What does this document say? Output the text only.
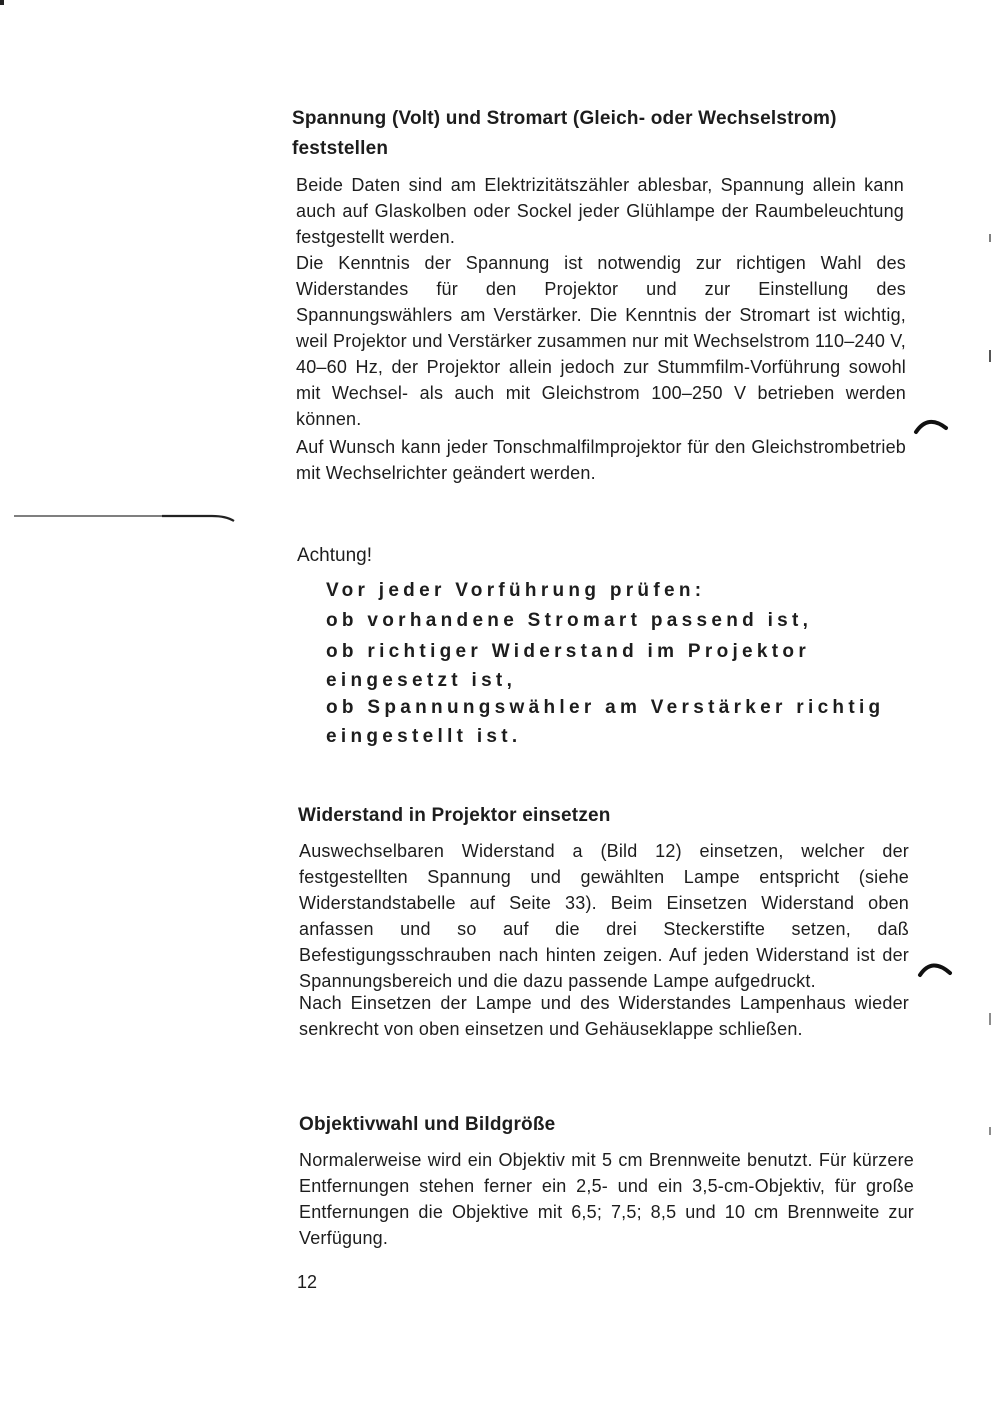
Spannung (Volt) und Stromart (Gleich- oder Wechselstrom) feststellen

Beide Daten sind am Elektrizitätszähler ablesbar, Spannung allein kann auch auf Glaskolben oder Sockel jeder Glühlampe der Raumbeleuchtung festgestellt werden.

Die Kenntnis der Spannung ist notwendig zur richtigen Wahl des Widerstandes für den Projektor und zur Einstellung des Spannungswählers am Verstärker. Die Kenntnis der Stromart ist wichtig, weil Projektor und Verstärker zusammen nur mit Wechselstrom 110–240 V, 40–60 Hz, der Projektor allein jedoch zur Stummfilm-Vorführung sowohl mit Wechsel- als auch mit Gleichstrom 100–250 V betrieben werden können.

Auf Wunsch kann jeder Tonschmalfilmprojektor für den Gleichstrombetrieb mit Wechselrichter geändert werden.

Achtung!

Vor jeder Vorführung prüfen:

ob vorhandene Stromart passend ist,

ob richtiger Widerstand im Projektor eingesetzt ist,

ob Spannungswähler am Verstärker richtig eingestellt ist.

Widerstand in Projektor einsetzen

Auswechselbaren Widerstand a (Bild 12) einsetzen, welcher der festgestellten Spannung und gewählten Lampe entspricht (siehe Widerstandstabelle auf Seite 33). Beim Einsetzen Widerstand oben anfassen und so auf die drei Steckerstifte setzen, daß Befestigungsschrauben nach hinten zeigen. Auf jeden Widerstand ist der Spannungsbereich und die dazu passende Lampe aufgedruckt.

Nach Einsetzen der Lampe und des Widerstandes Lampenhaus wieder senkrecht von oben einsetzen und Gehäuseklappe schließen.

Objektivwahl und Bildgröße

Normalerweise wird ein Objektiv mit 5 cm Brennweite benutzt. Für kürzere Entfernungen stehen ferner ein 2,5- und ein 3,5-cm-Objektiv, für große Entfernungen die Objektive mit 6,5; 7,5; 8,5 und 10 cm Brennweite zur Verfügung.

12
